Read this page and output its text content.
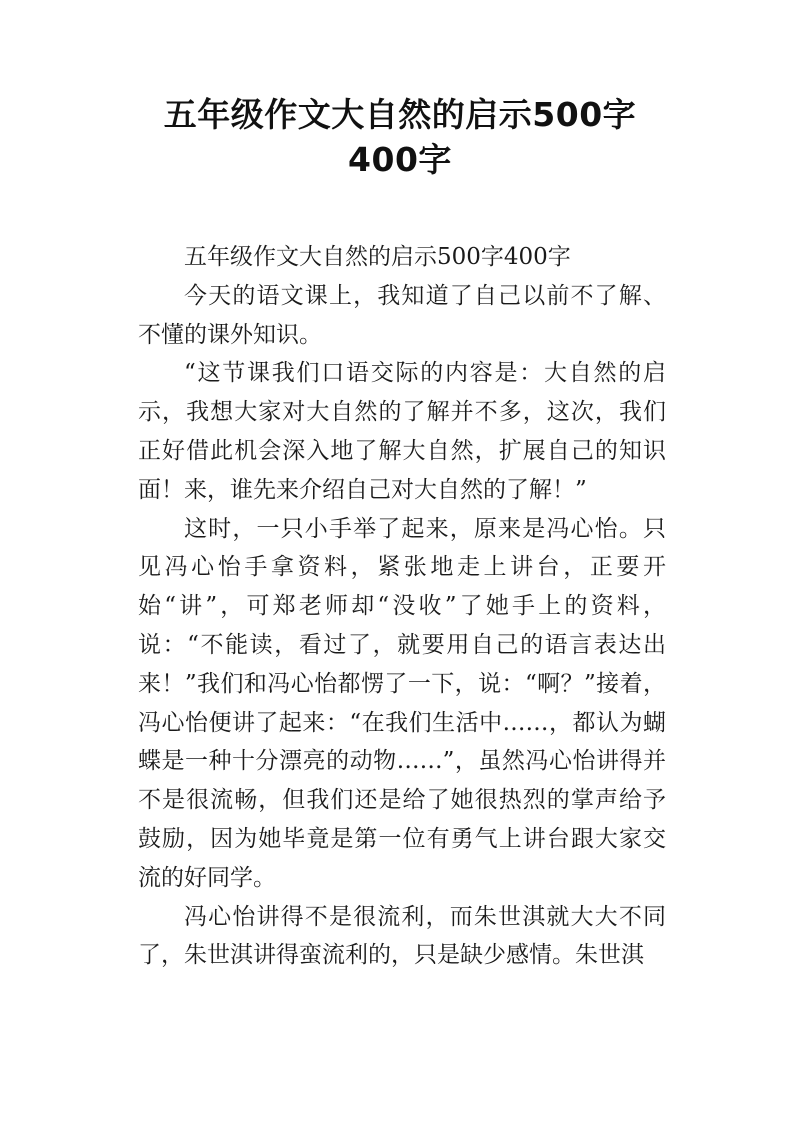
五年级作文大自然的启示500字400字

五年级作文大自然的启示500字400字

今天的语文课上，我知道了自己以前不了解、不懂的课外知识。

“这节课我们口语交际的内容是：大自然的启示，我想大家对大自然的了解并不多，这次，我们正好借此机会深入地了解大自然，扩展自己的知识面！来，谁先来介绍自己对大自然的了解！”

这时，一只小手举了起来，原来是冯心怡。只见冯心怡手拿资料，紧张地走上讲台，正要开始“讲”，可郑老师却“没收”了她手上的资料，说：“不能读，看过了，就要用自己的语言表达出来！”我们和冯心怡都愣了一下，说：“啊？”接着，冯心怡便讲了起来：“在我们生活中……，都认为蝴蝶是一种十分漂亮的动物……”，虽然冯心怡讲得并不是很流畅，但我们还是给了她很热烈的掌声给予鼓励，因为她毕竟是第一位有勇气上讲台跟大家交流的好同学。

冯心怡讲得不是很流利，而朱世淇就大大不同了，朱世淇讲得蛮流利的，只是缺少感情。朱世淇
